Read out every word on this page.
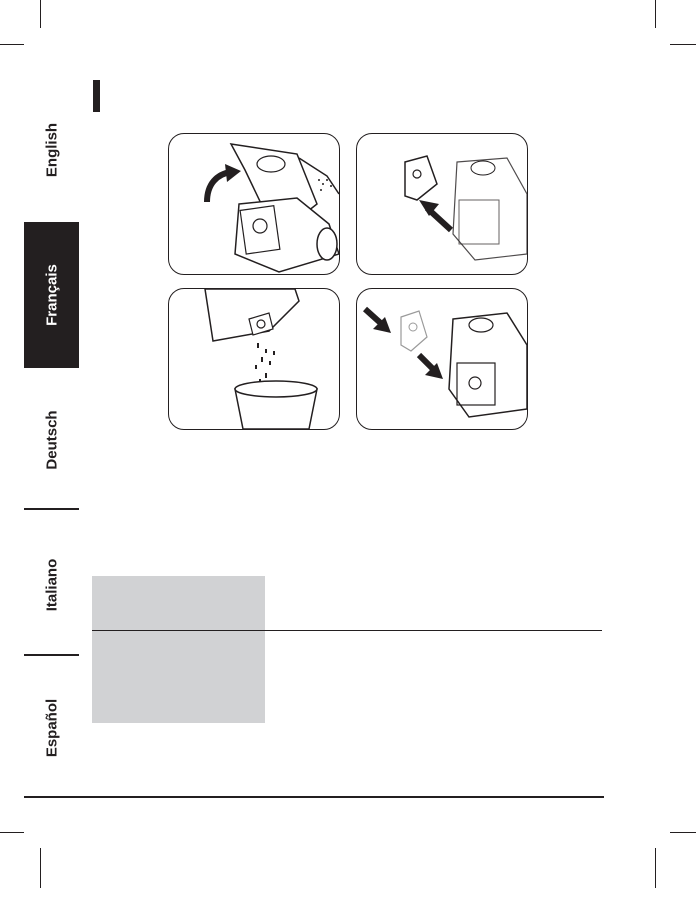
English
Français
Deutsch
Italiano
Español
